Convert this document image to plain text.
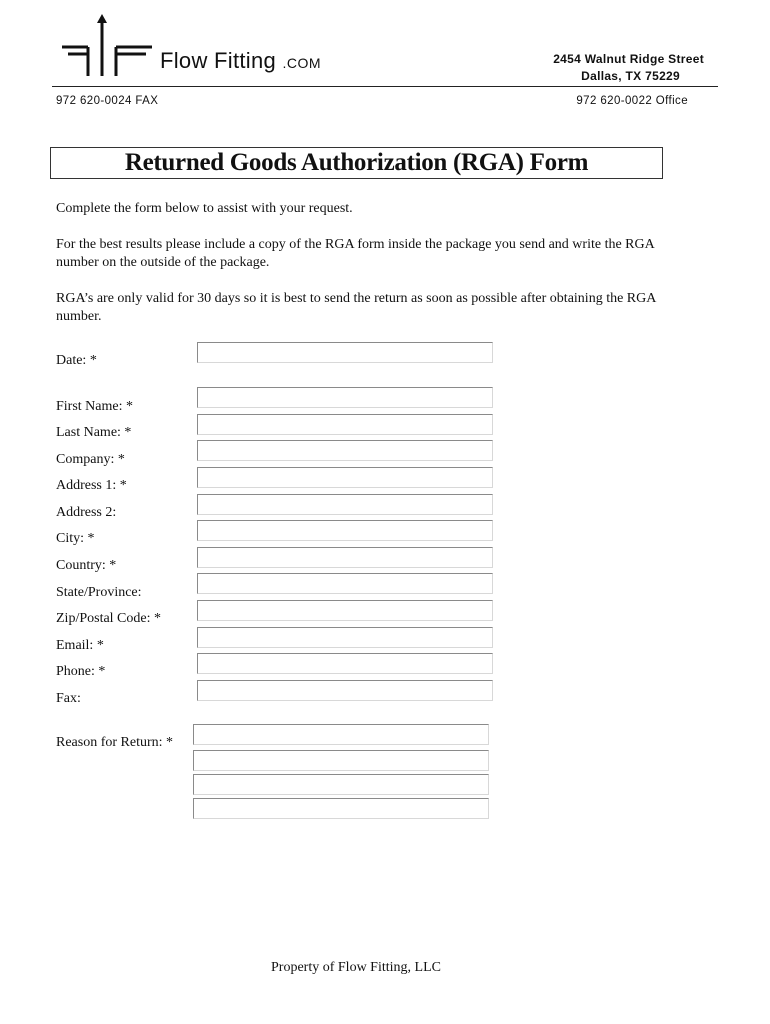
Flow Fitting .COM	2454 Walnut Ridge Street
Dallas, TX 75229
972 620-0024 FAX	972 620-0022 Office
Returned Goods Authorization (RGA) Form
Complete the form below to assist with your request.
For the best results please include a copy of the RGA form inside the package you send and write the RGA number on the outside of the package.
RGA’s are only valid for 30 days so it is best to send the return as soon as possible after obtaining the RGA number.
Date: *
First Name: *
Last Name: *
Company: *
Address 1: *
Address 2:
City: *
Country: *
State/Province:
Zip/Postal Code: *
Email: *
Phone: *
Fax:
Reason for Return: *
Property of Flow Fitting, LLC
